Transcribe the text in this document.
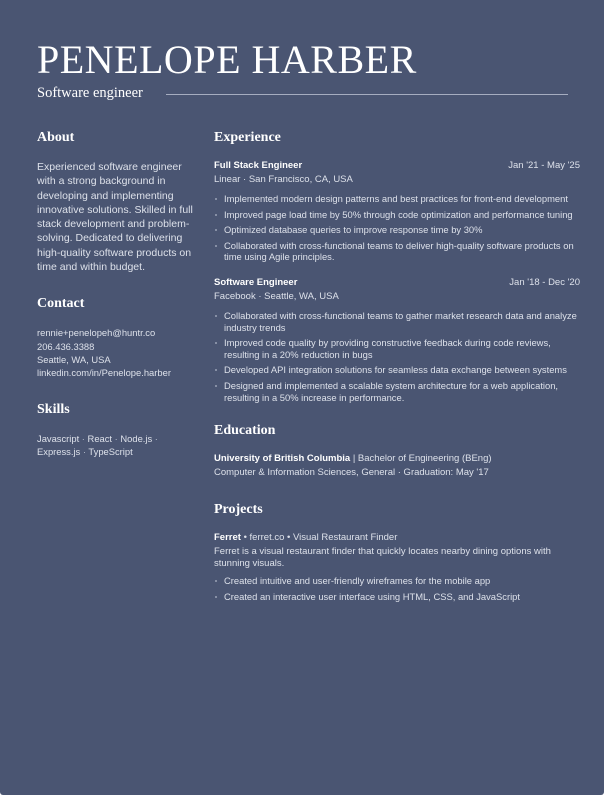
PENELOPE HARBER
Software engineer
About

Experienced software engineer with a strong background in developing and implementing innovative solutions. Skilled in full stack development and problem-solving. Dedicated to delivering high-quality software products on time and within budget.

Contact
rennie+penelopeh@huntr.co
206.436.3388
Seattle, WA, USA
linkedin.com/in/Penelope.harber
Skills
Javascript · React · Node.js ·
Express.js · TypeScript
Experience
Full Stack Engineer	Jan '21 - May '25
Linear · San Francisco, CA, USA
Implemented modern design patterns and best practices for front-end development
Improved page load time by 50% through code optimization and performance tuning
Optimized database queries to improve response time by 30%
Collaborated with cross-functional teams to deliver high-quality software products on time using Agile principles.
Software Engineer	Jan '18 - Dec '20
Facebook · Seattle, WA, USA
Collaborated with cross-functional teams to gather market research data and analyze industry trends
Improved code quality by providing constructive feedback during code reviews, resulting in a 20% reduction in bugs
Developed API integration solutions for seamless data exchange between systems
Designed and implemented a scalable system architecture for a web application, resulting in a 50% increase in performance.
Education
University of British Columbia | Bachelor of Engineering (BEng)
Computer & Information Sciences, General · Graduation: May '17
Projects
Ferret • ferret.co • Visual Restaurant Finder
Ferret is a visual restaurant finder that quickly locates nearby dining options with stunning visuals.
Created intuitive and user-friendly wireframes for the mobile app
Created an interactive user interface using HTML, CSS, and JavaScript
